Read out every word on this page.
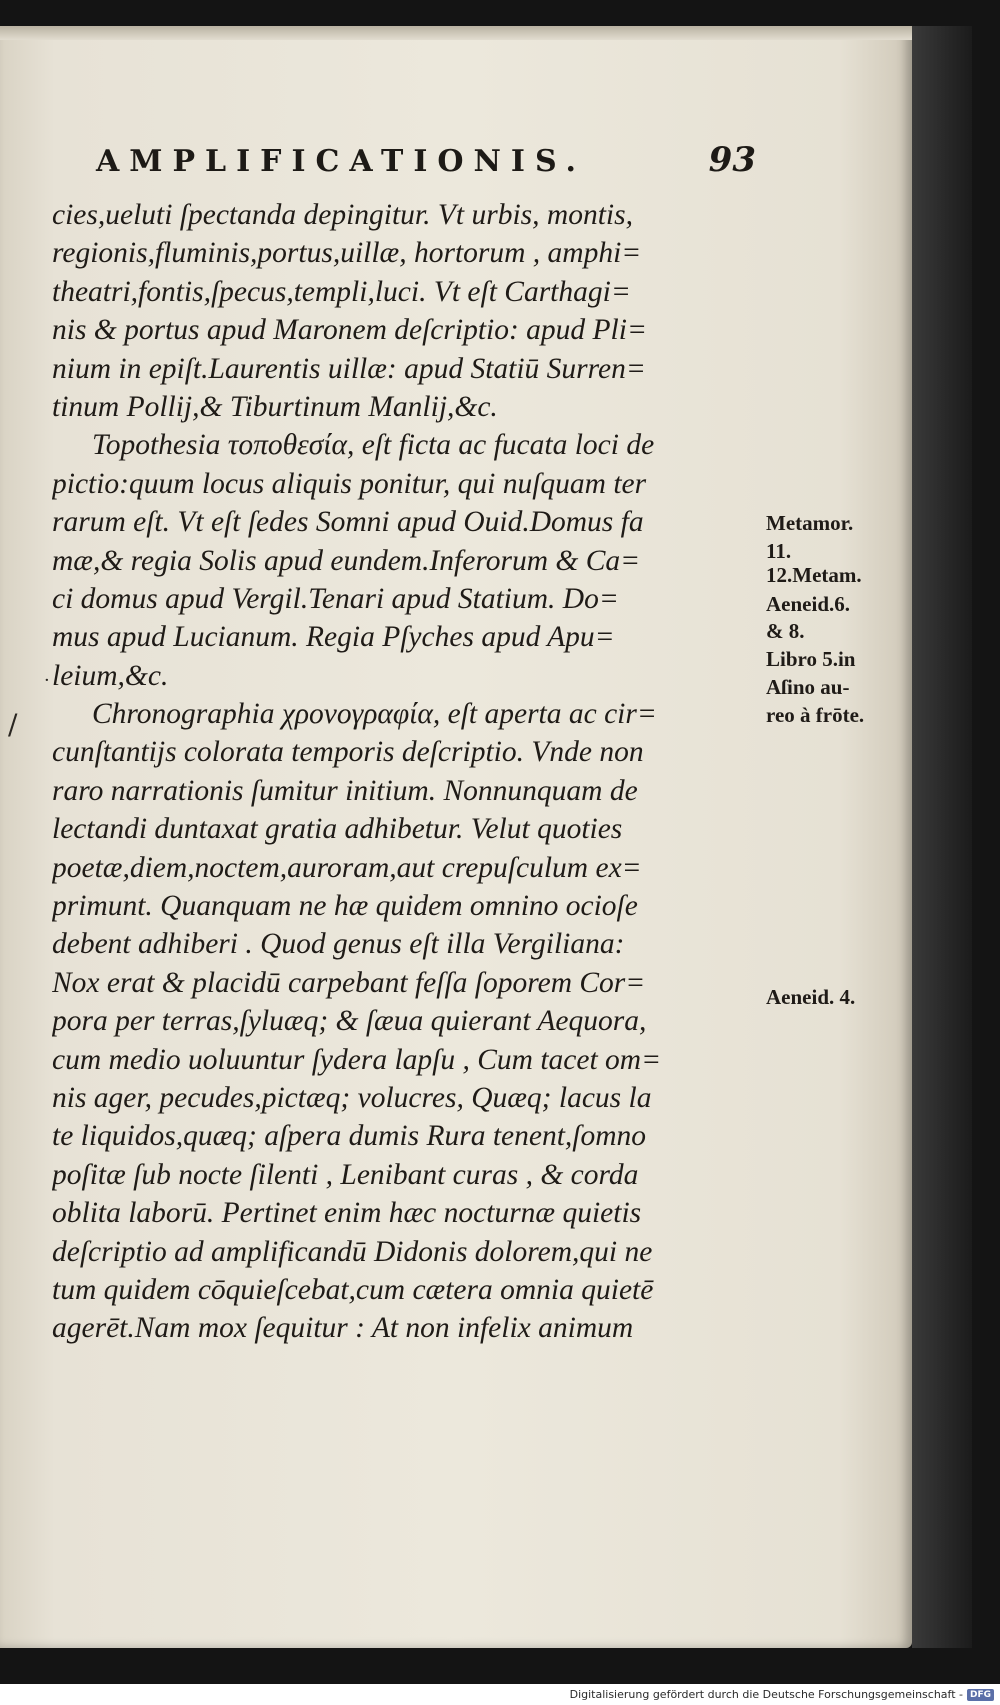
AMPLIFICATIONIS.	93
cies,ueluti ſpectanda depingitur. Vt urbis, montis,
regionis,fluminis,portus,uillæ, hortorum , amphi=
theatri,fontis,ſpecus,templi,luci. Vt eſt Carthagi=
nis & portus apud Maronem deſcriptio: apud Pli=
nium in epiſt.Laurentis uillæ: apud Statiū Surren=
tinum Pollij,& Tiburtinum Manlij,&c.
Topothesia τοποθεσία, eſt ficta ac fucata loci de
pictio:quum locus aliquis ponitur, qui nuſquam ter
rarum eſt. Vt eſt ſedes Somni apud Ouid.Domus fa
mæ,& regia Solis apud eundem.Inferorum & Ca=
ci domus apud Vergil.Tenari apud Statium. Do=
mus apud Lucianum. Regia Pſyches apud Apu=
leium,&c.
Chronographia χρονογραφία, eſt aperta ac cir=
cunſtantijs colorata temporis deſcriptio. Vnde non
raro narrationis ſumitur initium. Nonnunquam de
lectandi duntaxat gratia adhibetur. Velut quoties
poetæ,diem,noctem,auroram,aut crepuſculum ex=
primunt. Quanquam ne hæ quidem omnino ocioſe
debent adhiberi . Quod genus eſt illa Vergiliana:
Nox erat & placidū carpebant feſſa ſoporem Cor=
pora per terras,ſyluæq; & ſæua quierant Aequora,
cum medio uoluuntur ſydera lapſu , Cum tacet om=
nis ager, pecudes,pictæq; volucres, Quæq; lacus la
te liquidos,quæq; aſpera dumis Rura tenent,ſomno
poſitæ ſub nocte ſilenti , Lenibant curas , & corda
oblita laborū. Pertinet enim hæc nocturnæ quietis
deſcriptio ad amplificandū Didonis dolorem,qui ne
tum quidem cōquieſcebat,cum cætera omnia quietē
agerēt.Nam mox ſequitur : At non infelix animum
Metamor.
11.
12.Metam.
Aeneid.6.
& 8.
Libro 5.in
Aſino au-
reo à frōte.
Aeneid. 4.
/
·
Digitalisierung gefördert durch die Deutsche Forschungsgemeinschaft - DFG
